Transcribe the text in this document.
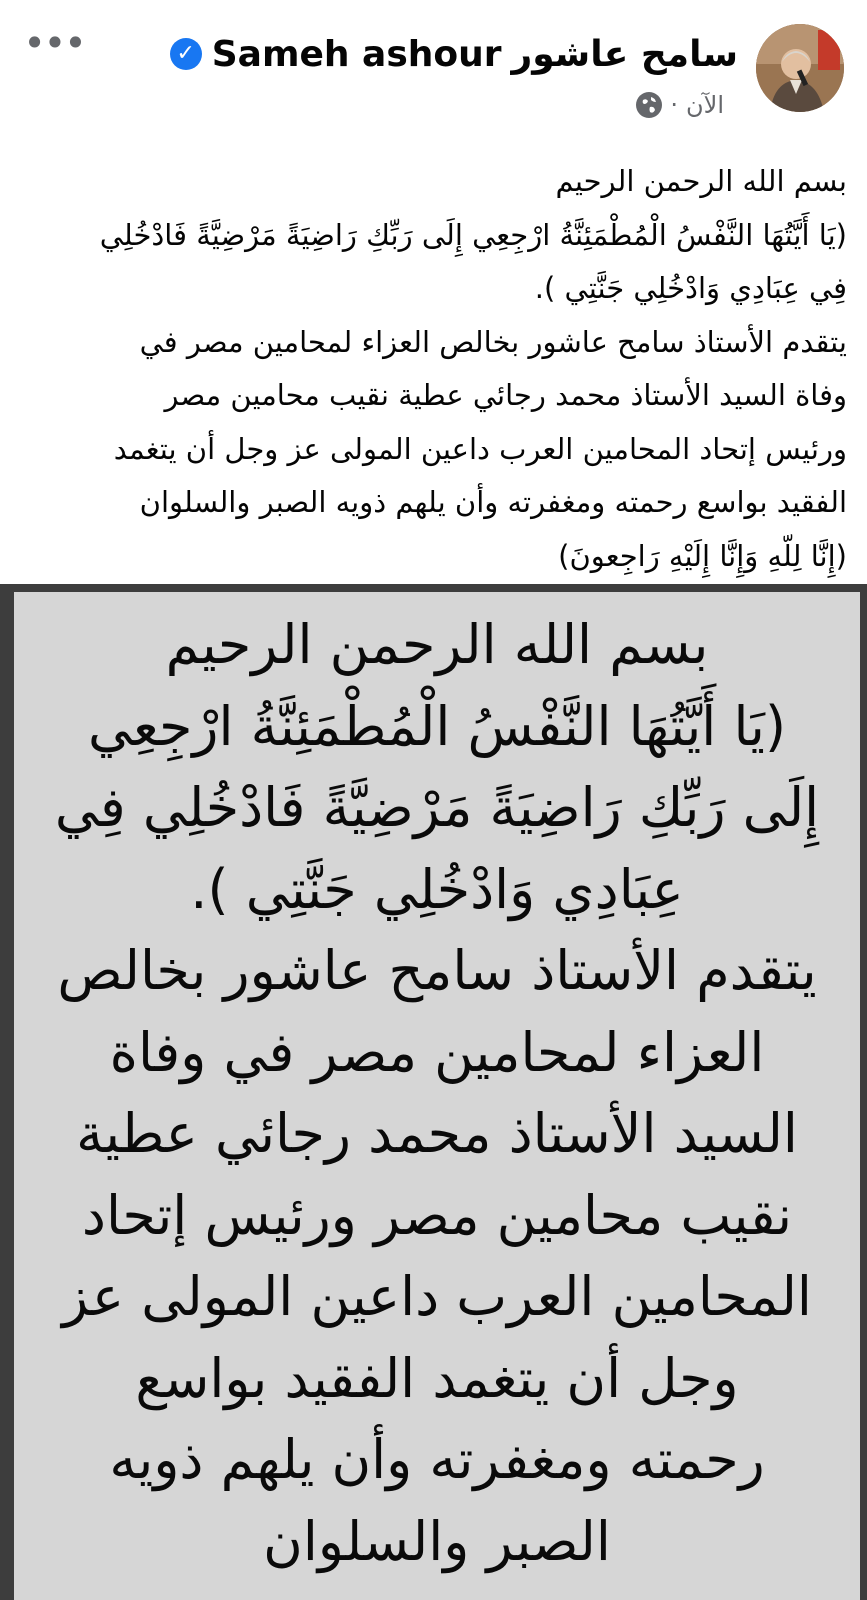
•••	✓ Sameh ashour سامح عاشور
· الآن

بسم الله الرحمن الرحيم

(يَا أَيَّتُهَا النَّفْسُ الْمُطْمَئِنَّةُ ارْجِعِي إِلَى رَبِّكِ رَاضِيَةً مَرْضِيَّةً فَادْخُلِي

فِي عِبَادِي وَادْخُلِي جَنَّتِي ).

يتقدم الأستاذ سامح عاشور بخالص العزاء لمحامين مصر في

وفاة السيد الأستاذ محمد رجائي عطية نقيب محامين مصر

ورئيس إتحاد المحامين العرب داعين المولى عز وجل أن يتغمد

الفقيد بواسع رحمته ومغفرته وأن يلهم ذويه الصبر والسلوان

(إِنَّا لِلّهِ وَإِنَّا إِلَيْهِ رَاجِعونَ)

بسم الله الرحمن الرحيم

(يَا أَيَّتُهَا النَّفْسُ الْمُطْمَئِنَّةُ ارْجِعِي

إِلَى رَبِّكِ رَاضِيَةً مَرْضِيَّةً فَادْخُلِي فِي

عِبَادِي وَادْخُلِي جَنَّتِي ).

يتقدم الأستاذ سامح عاشور بخالص

العزاء لمحامين مصر في وفاة

السيد الأستاذ محمد رجائي عطية

نقيب محامين مصر ورئيس إتحاد

المحامين العرب داعين المولى عز

وجل أن يتغمد الفقيد بواسع

رحمته ومغفرته وأن يلهم ذويه

الصبر والسلوان
